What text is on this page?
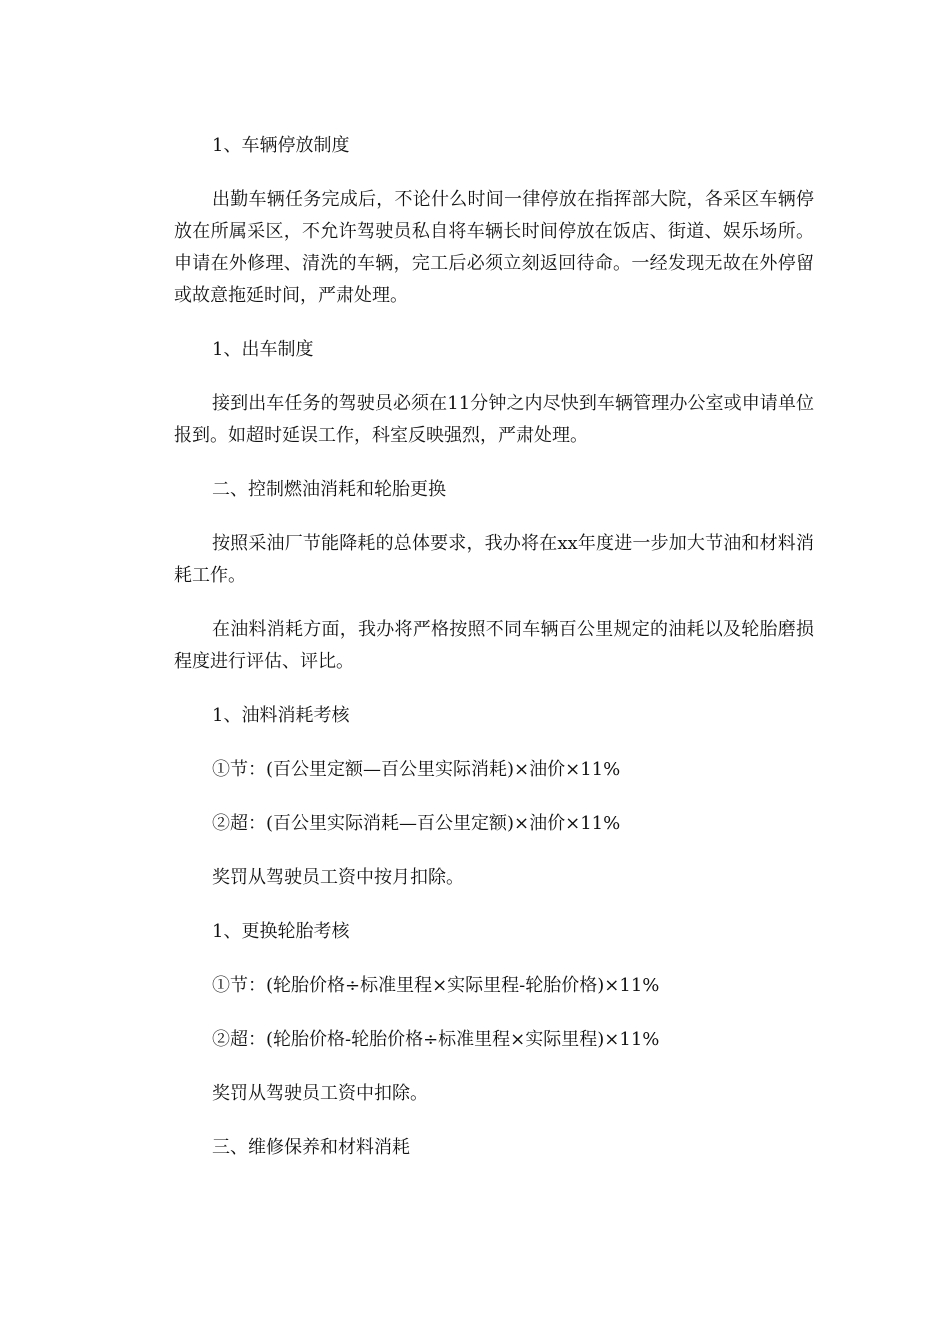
1、车辆停放制度

出勤车辆任务完成后，不论什么时间一律停放在指挥部大院，各采区车辆停放在所属采区，不允许驾驶员私自将车辆长时间停放在饭店、街道、娱乐场所。申请在外修理、清洗的车辆，完工后必须立刻返回待命。一经发现无故在外停留或故意拖延时间，严肃处理。

1、出车制度

接到出车任务的驾驶员必须在11分钟之内尽快到车辆管理办公室或申请单位报到。如超时延误工作，科室反映强烈，严肃处理。

二、控制燃油消耗和轮胎更换

按照采油厂节能降耗的总体要求，我办将在xx年度进一步加大节油和材料消耗工作。

在油料消耗方面，我办将严格按照不同车辆百公里规定的油耗以及轮胎磨损程度进行评估、评比。

1、油料消耗考核

①节：(百公里定额—百公里实际消耗)×油价×11%

②超：(百公里实际消耗—百公里定额)×油价×11%

奖罚从驾驶员工资中按月扣除。

1、更换轮胎考核

①节：(轮胎价格÷标准里程×实际里程-轮胎价格)×11%

②超：(轮胎价格-轮胎价格÷标准里程×实际里程)×11%

奖罚从驾驶员工资中扣除。

三、维修保养和材料消耗
